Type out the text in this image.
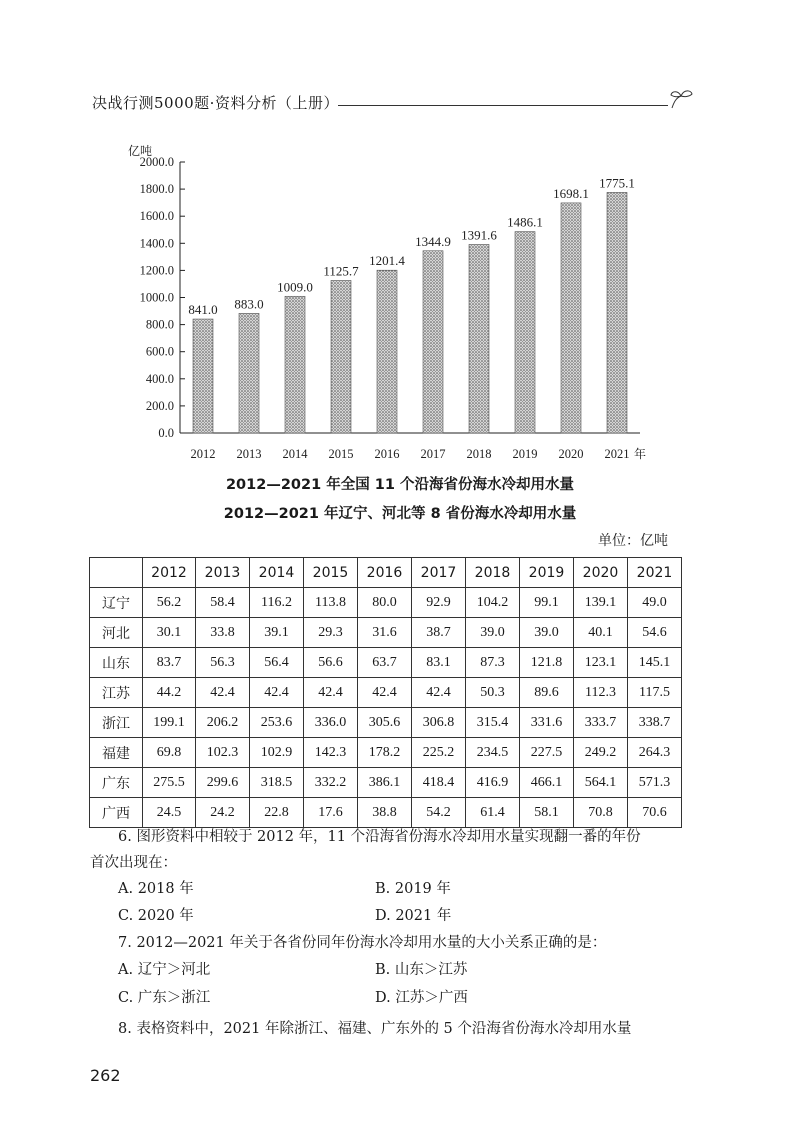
决战行测5000题·资料分析（上册）
亿吨
0.0
200.0
400.0
600.0
800.0
1000.0
1200.0
1400.0
1600.0
1800.0
2000.0
841.0 883.0
1009.0
1125.7
1201.4
1344.9 1391.6
1486.1
1698.1
1775.1
2012 2013 2014 2015 2016 2017 2018 2019 2020 2021 年
2012—2021 年全国 11 个沿海省份海水冷却用水量
2012—2021 年辽宁、河北等 8 省份海水冷却用水量
单位：亿吨
	2012	2013	2014	2015	2016	2017	2018	2019	2020	2021
辽宁	56.2	58.4	116.2	113.8	80.0	92.9	104.2	99.1	139.1	49.0
河北	30.1	33.8	39.1	29.3	31.6	38.7	39.0	39.0	40.1	54.6
山东	83.7	56.3	56.4	56.6	63.7	83.1	87.3	121.8	123.1	145.1
江苏	44.2	42.4	42.4	42.4	42.4	42.4	50.3	89.6	112.3	117.5
浙江	199.1	206.2	253.6	336.0	305.6	306.8	315.4	331.6	333.7	338.7
福建	69.8	102.3	102.9	142.3	178.2	225.2	234.5	227.5	249.2	264.3
广东	275.5	299.6	318.5	332.2	386.1	418.4	416.9	466.1	564.1	571.3
广西	24.5	24.2	22.8	17.6	38.8	54.2	61.4	58.1	70.8	70.6
6. 图形资料中相较于 2012 年，11 个沿海省份海水冷却用水量实现翻一番的年份
首次出现在：
A. 2018 年	B. 2019 年
C. 2020 年	D. 2021 年
7. 2012—2021 年关于各省份同年份海水冷却用水量的大小关系正确的是：
A. 辽宁＞河北	B. 山东＞江苏
C. 广东＞浙江	D. 江苏＞广西
8. 表格资料中，2021 年除浙江、福建、广东外的 5 个沿海省份海水冷却用水量
262
